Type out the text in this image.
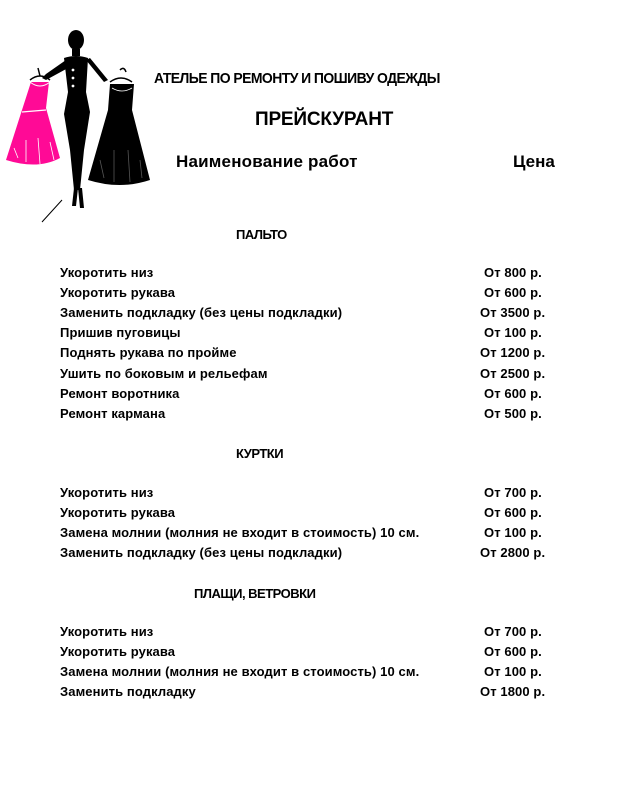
АТЕЛЬЕ ПО РЕМОНТУ И ПОШИВУ ОДЕЖДЫ
ПРЕЙСКУРАНТ
Наименование работ	Цена
ПАЛЬТО
Укоротить низ	От 800 р.
Укоротить рукава	От 600 р.
Заменить подкладку (без цены подкладки)	От 3500 р.
Пришив пуговицы	От 100 р.
Поднять рукава по пройме	От 1200 р.
Ушить по боковым и рельефам	От 2500 р.
Ремонт воротника	От 600 р.
Ремонт кармана	От 500 р.
КУРТКИ
Укоротить низ	От 700 р.
Укоротить рукава	От 600 р.
Замена молнии (молния не входит в стоимость) 10 см.	От 100 р.
Заменить подкладку (без цены подкладки)	От 2800 р.
ПЛАЩИ, ВЕТРОВКИ
Укоротить низ	От 700 р.
Укоротить рукава	От 600 р.
Замена молнии (молния не входит в стоимость) 10 см.	От 100 р.
Заменить подкладку	От 1800 р.
